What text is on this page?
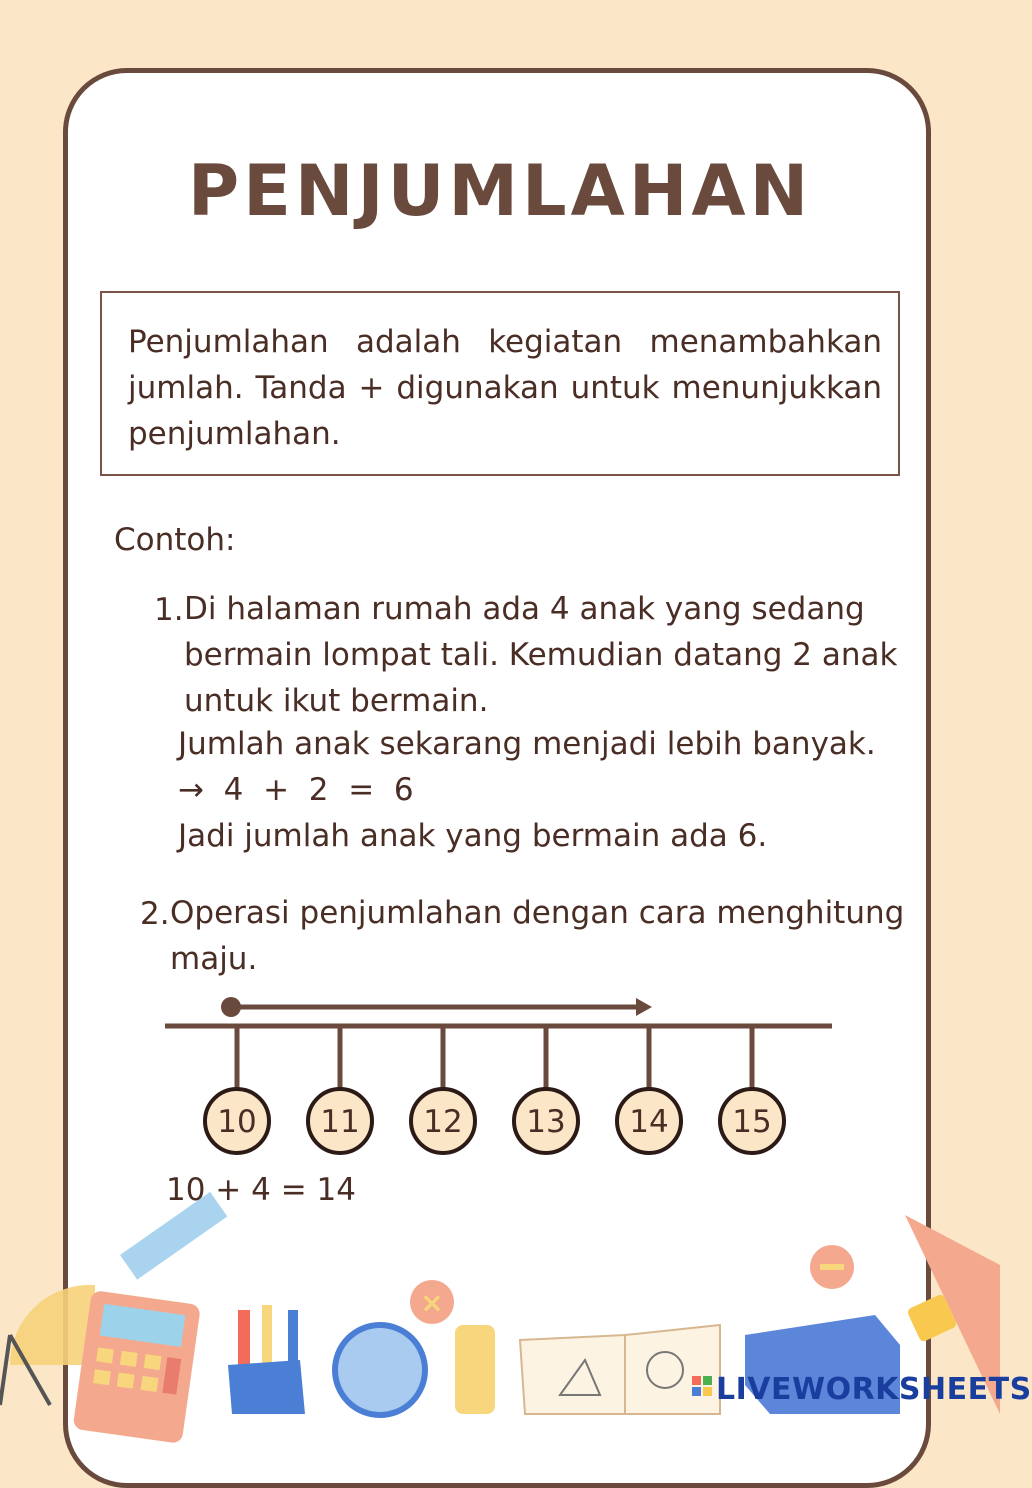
PENJUMLAHAN
Penjumlahan adalah kegiatan menambahkan jumlah. Tanda + digunakan untuk menunjukkan penjumlahan.
Contoh:
1. Di halaman rumah ada 4 anak yang sedang
bermain lompat tali. Kemudian datang 2 anak
untuk ikut bermain.
Jumlah anak sekarang menjadi lebih banyak.
→  4  +  2  =  6
Jadi jumlah anak yang bermain ada 6.
2. Operasi penjumlahan dengan cara menghitung
maju.
10 11 12 13 14 15
10 + 4 = 14
×
LIVEWORKSHEETS
